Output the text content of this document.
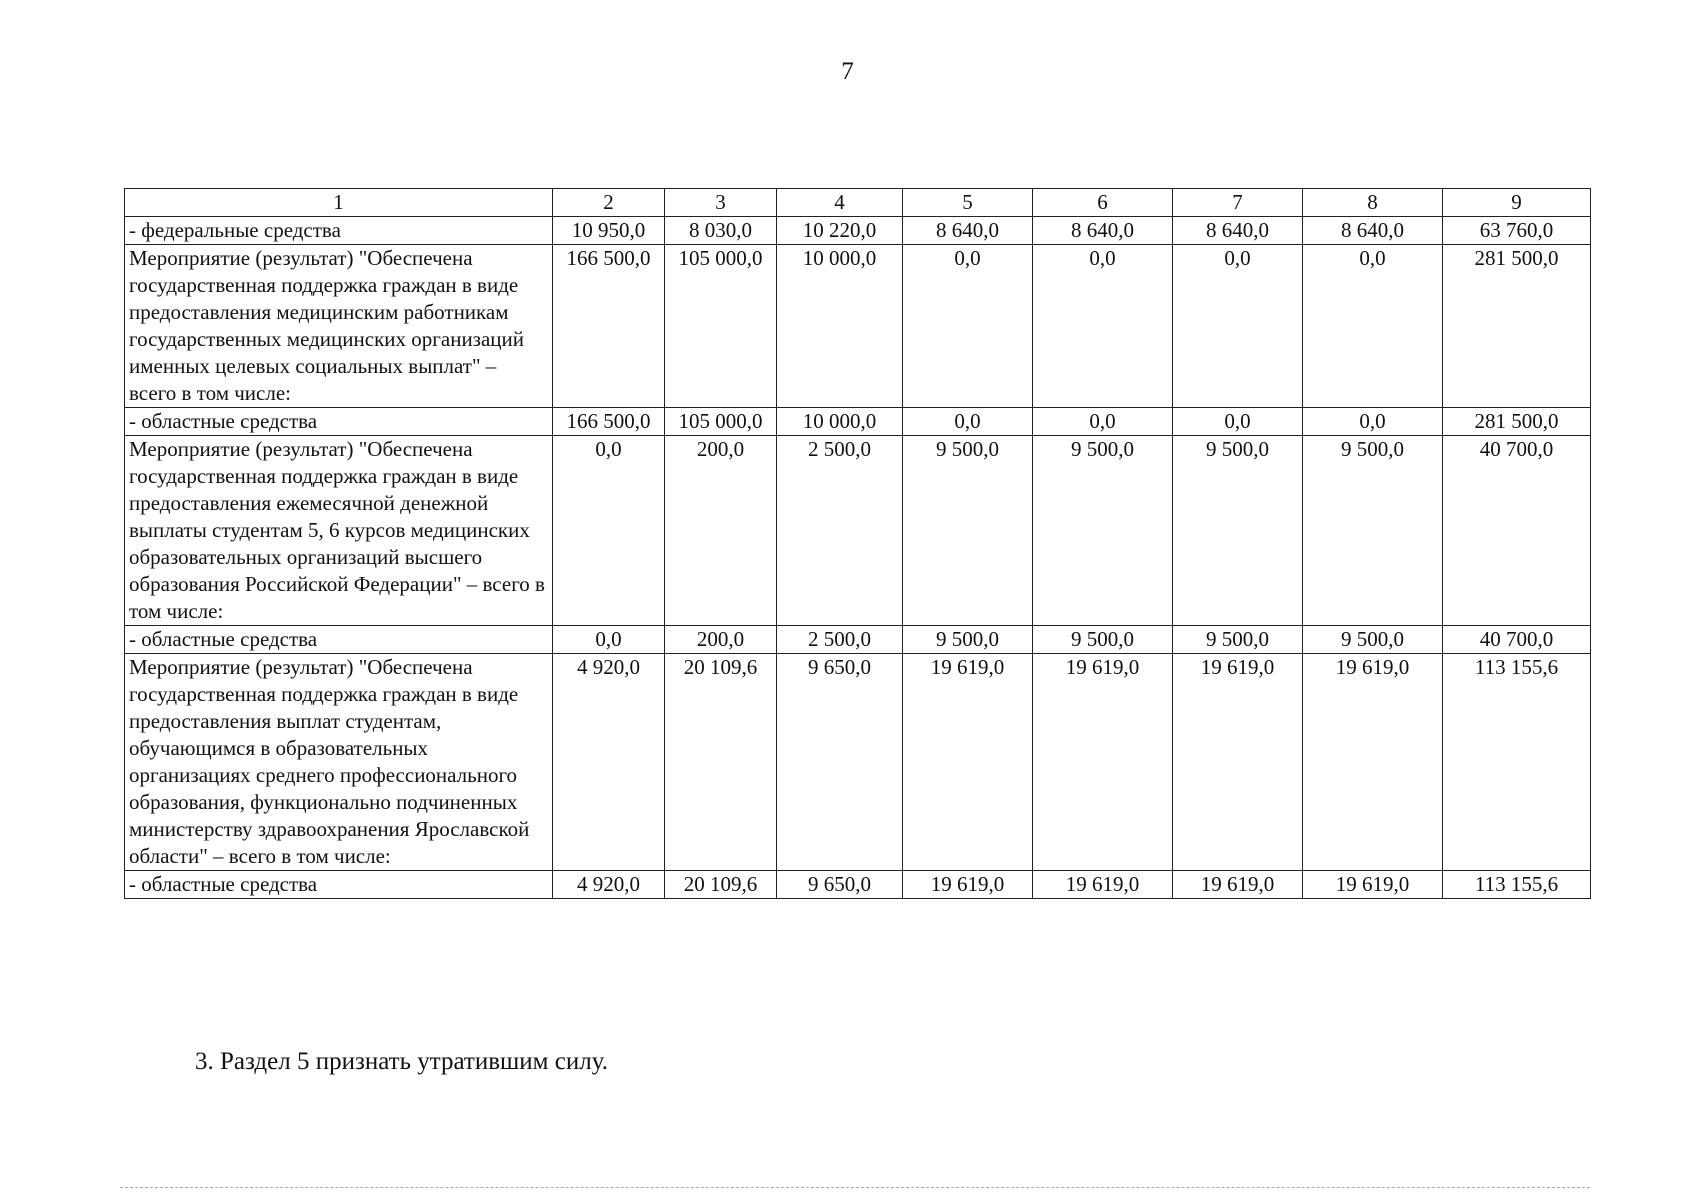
7
1	2	3	4	5	6	7	8	9
- федеральные средства	10 950,0	8 030,0	10 220,0	8 640,0	8 640,0	8 640,0	8 640,0	63 760,0
Мероприятие (результат) "Обеспечена государственная поддержка граждан в виде предоставления медицинским работникам государственных медицинских организаций именных целевых социальных выплат" – всего в том числе:	166 500,0	105 000,0	10 000,0	0,0	0,0	0,0	0,0	281 500,0
- областные средства	166 500,0	105 000,0	10 000,0	0,0	0,0	0,0	0,0	281 500,0
Мероприятие (результат) "Обеспечена государственная поддержка граждан в виде предоставления ежемесячной денежной выплаты студентам 5, 6 курсов медицинских образовательных организаций высшего образования Российской Федерации" – всего в том числе:	0,0	200,0	2 500,0	9 500,0	9 500,0	9 500,0	9 500,0	40 700,0
- областные средства	0,0	200,0	2 500,0	9 500,0	9 500,0	9 500,0	9 500,0	40 700,0
Мероприятие (результат) "Обеспечена государственная поддержка граждан в виде предоставления выплат студентам, обучающимся в образовательных организациях среднего профессионального образования, функционально подчиненных министерству здравоохранения Ярославской области" – всего в том числе:	4 920,0	20 109,6	9 650,0	19 619,0	19 619,0	19 619,0	19 619,0	113 155,6
- областные средства	4 920,0	20 109,6	9 650,0	19 619,0	19 619,0	19 619,0	19 619,0	113 155,6
3. Раздел 5 признать утратившим силу.
